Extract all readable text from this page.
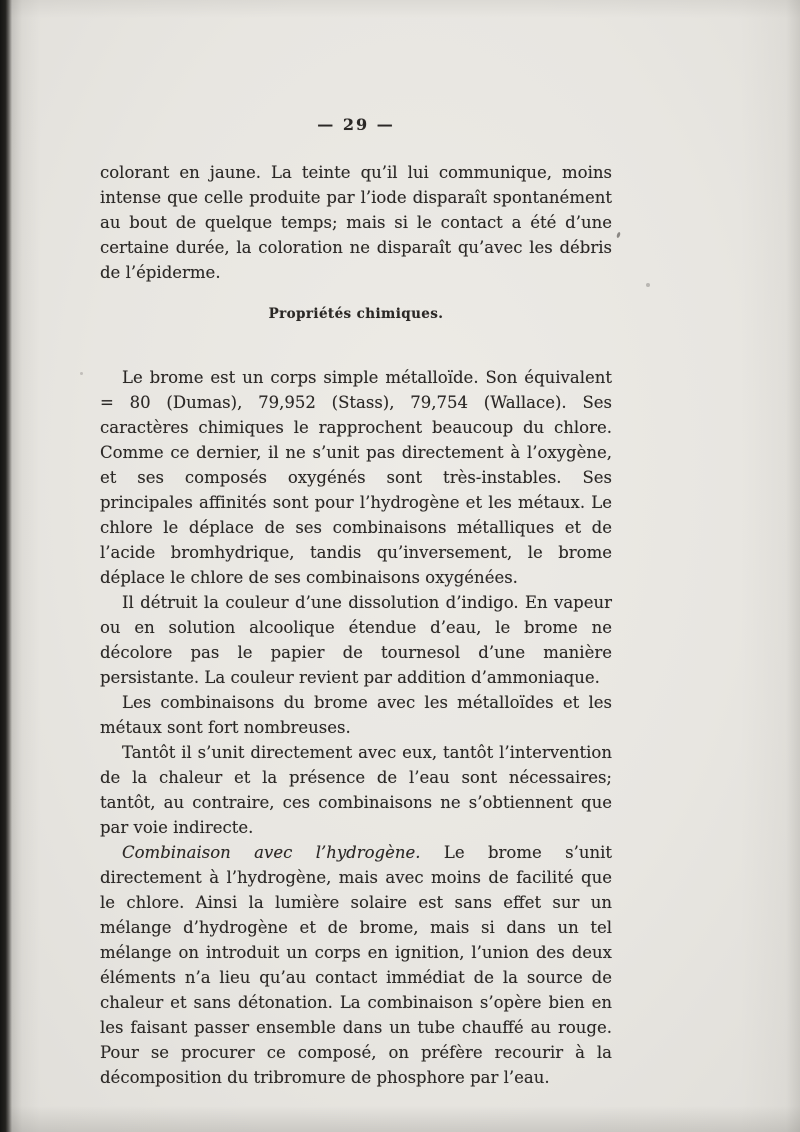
— 29 —

colorant en jaune. La teinte qu’il lui communique, moins intense que celle produite par l’iode disparaît spontanément au bout de quelque temps; mais si le contact a été d’une certaine durée, la coloration ne disparaît qu’avec les débris de l’épiderme.

Propriétés chimiques.

Le brome est un corps simple métalloïde. Son équivalent = 80 (Dumas), 79,952 (Stass), 79,754 (Wallace). Ses caractères chimiques le rapprochent beaucoup du chlore. Comme ce dernier, il ne s’unit pas directement à l’oxygène, et ses composés oxygénés sont très-instables. Ses principales affinités sont pour l’hydrogène et les métaux. Le chlore le déplace de ses combinaisons métalliques et de l’acide bromhydrique, tandis qu’inversement, le brome déplace le chlore de ses combinaisons oxygénées.

Il détruit la couleur d’une dissolution d’indigo. En vapeur ou en solution alcoolique étendue d’eau, le brome ne décolore pas le papier de tournesol d’une manière persistante. La couleur revient par addition d’ammoniaque.

Les combinaisons du brome avec les métalloïdes et les métaux sont fort nombreuses.

Tantôt il s’unit directement avec eux, tantôt l’intervention de la chaleur et la présence de l’eau sont nécessaires; tantôt, au contraire, ces combinaisons ne s’obtiennent que par voie indirecte.

Combinaison avec l’hydrogène. Le brome s’unit directement à l’hydrogène, mais avec moins de facilité que le chlore. Ainsi la lumière solaire est sans effet sur un mélange d’hydrogène et de brome, mais si dans un tel mélange on introduit un corps en ignition, l’union des deux éléments n’a lieu qu’au contact immédiat de la source de chaleur et sans détonation. La combinaison s’opère bien en les faisant passer ensemble dans un tube chauffé au rouge. Pour se procurer ce composé, on préfère recourir à la décomposition du tribromure de phosphore par l’eau.
